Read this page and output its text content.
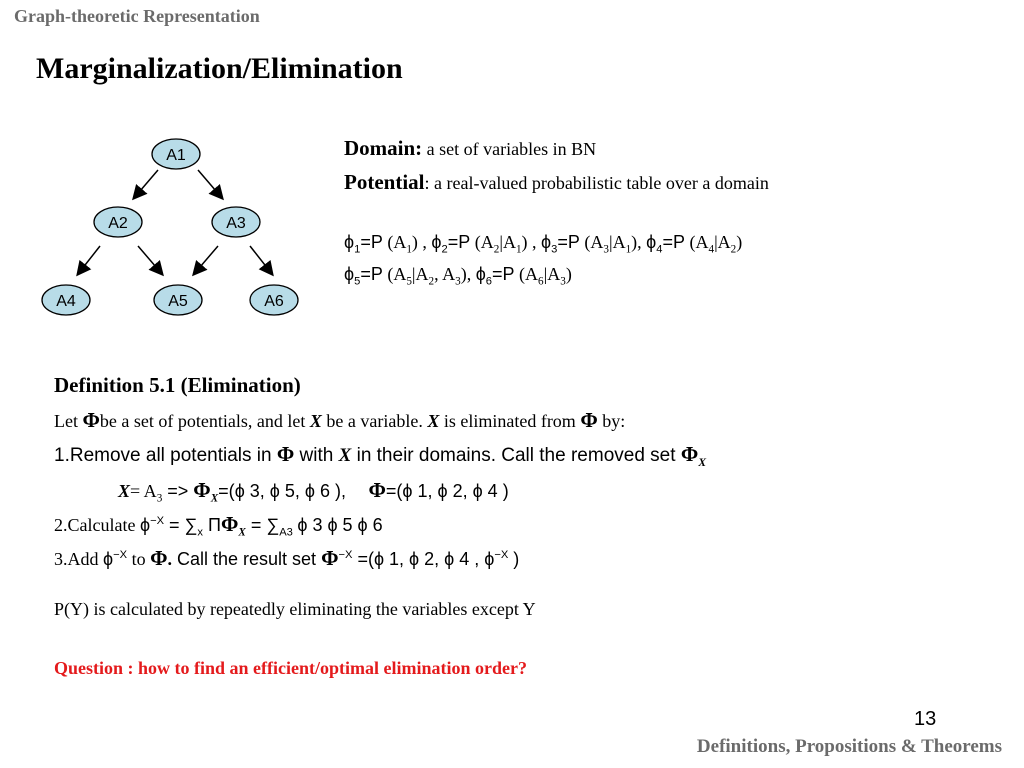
Graph-theoretic Representation
Marginalization/Elimination
A1
A2	A3
A4	A5	A6
Domain: a set of variables in BN
Potential: a real-valued probabilistic table over a domain
$\phi_1=P$ $(A_1)$ , $\phi_2=P$ $(A_2|A_1)$ , $\phi_3=P$ $(A_3|A_1)$, $\phi_4=P$ $(A_4|A_2)$
$\phi_5=P$ ($A_5|A_2$, $A_3$), $\phi_6=P$ $(A_6|A_3)$
Definition 5.1 (Elimination)
Let Φbe a set of potentials, and let X be a variable. X is eliminated from Φ by:
1.Remove all potentials in Φ with X in their domains. Call the removed set $\Phi_X$
$X= A_3 => \Phi_X=(\phi$ 3, ϕ 5, ϕ 6 ), Φ=(ϕ 1, ϕ 2, ϕ 4 )
2.Calculate $\phi^{-X} = \sum_x$ $\Pi\Phi_X = \sum_{A3}$ ϕ 3 ϕ 5 ϕ 6
3.Add $\phi^{-X}$ to Φ. Call the result set $\Phi^{-X} =(\phi$ 1, ϕ 2, ϕ 4 , $\phi^{-X}$ )
P(Y) is calculated by repeatedly eliminating the variables except Y
Question : how to find an efficient/optimal elimination order?
13
Definitions, Propositions & Theorems
